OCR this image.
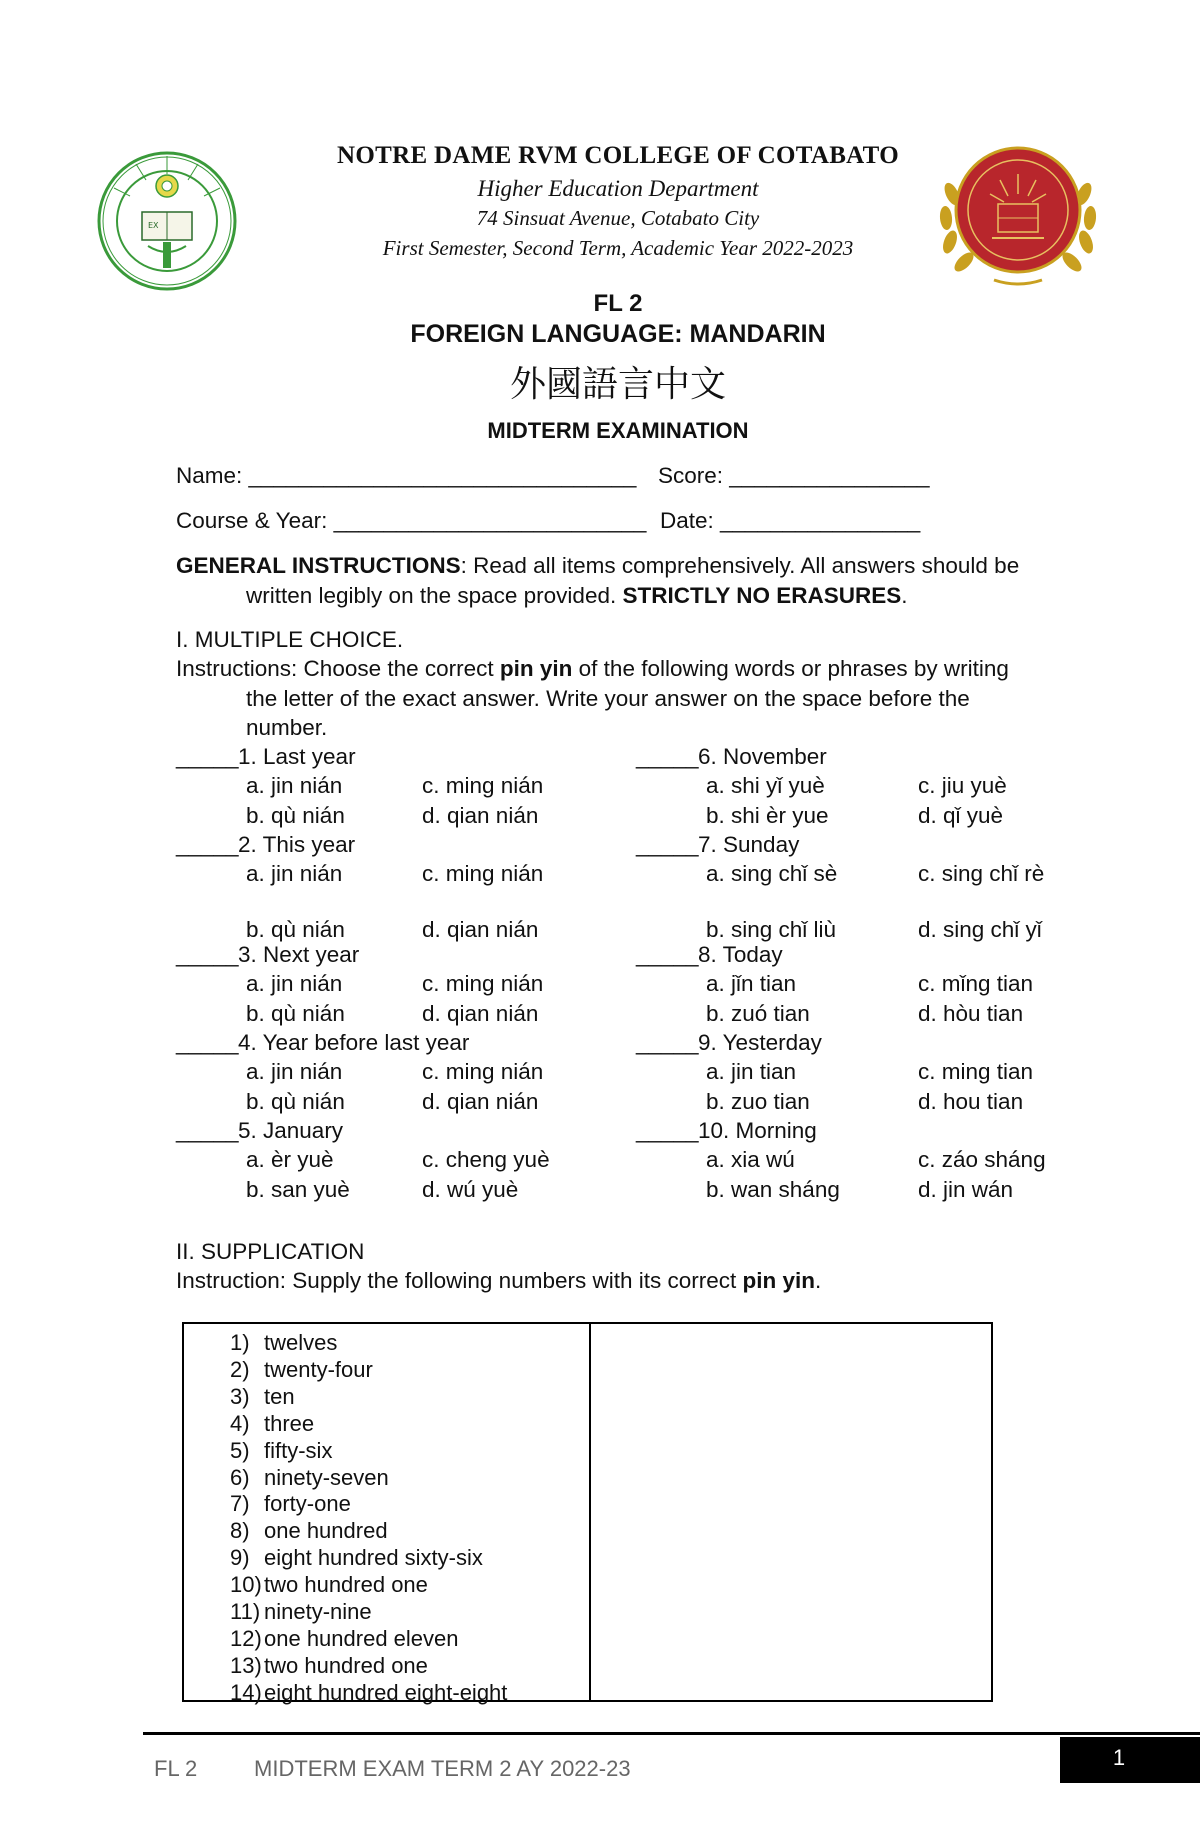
EX
NOTRE DAME RVM COLLEGE OF COTABATO
Higher Education Department
74 Sinsuat Avenue, Cotabato City
First Semester, Second Term, Academic Year 2022-2023
FL 2
FOREIGN LANGUAGE: MANDARIN
外國語言中文
MIDTERM EXAMINATION
Name: _______________________________ Score: ________________
Course & Year: _________________________ Date: ________________
GENERAL INSTRUCTIONS: Read all items comprehensively. All answers should be
written legibly on the space provided. STRICTLY NO ERASURES.
I. MULTIPLE CHOICE.
Instructions: Choose the correct pin yin of the following words or phrases by writing
the letter of the exact answer. Write your answer on the space before the
number.
_____ 1. Last year
a. jin nián	c. ming nián
b. qù nián	d. qian nián
_____ 2. This year
a. jin nián	c. ming nián
b. qù nián	d. qian nián
_____ 3. Next year
a. jin nián	c. ming nián
b. qù nián	d. qian nián
_____ 4. Year before last year
a. jin nián	c. ming nián
b. qù nián	d. qian nián
_____ 5. January
a. èr yuè	c. cheng yuè
b. san yuè	d. wú yuè
_____ 6. November
a. shi yǐ yuè	c. jiu yuè
b. shi èr yue	d. qǐ yuè
_____ 7. Sunday
a. sing chǐ sè	c. sing chǐ rè
b. sing chǐ liù	d. sing chǐ yǐ
_____ 8. Today
a. jǐn tian	c. mǐng tian
b. zuó tian	d. hòu tian
_____ 9. Yesterday
a. jin tian	c. ming tian
b. zuo tian	d. hou tian
_____ 10. Morning
a. xia wú	c. záo sháng
b. wan sháng	d. jin wán
II. SUPPLICATION
Instruction: Supply the following numbers with its correct pin yin.
1) twelves
2) twenty-four
3) ten
4) three
5) fifty-six
6) ninety-seven
7) forty-one
8) one hundred
9) eight hundred sixty-six
10) two hundred one
11) ninety-nine
12) one hundred eleven
13) two hundred one
14) eight hundred eight-eight
FL 2	MIDTERM EXAM TERM 2 AY 2022-23	1
